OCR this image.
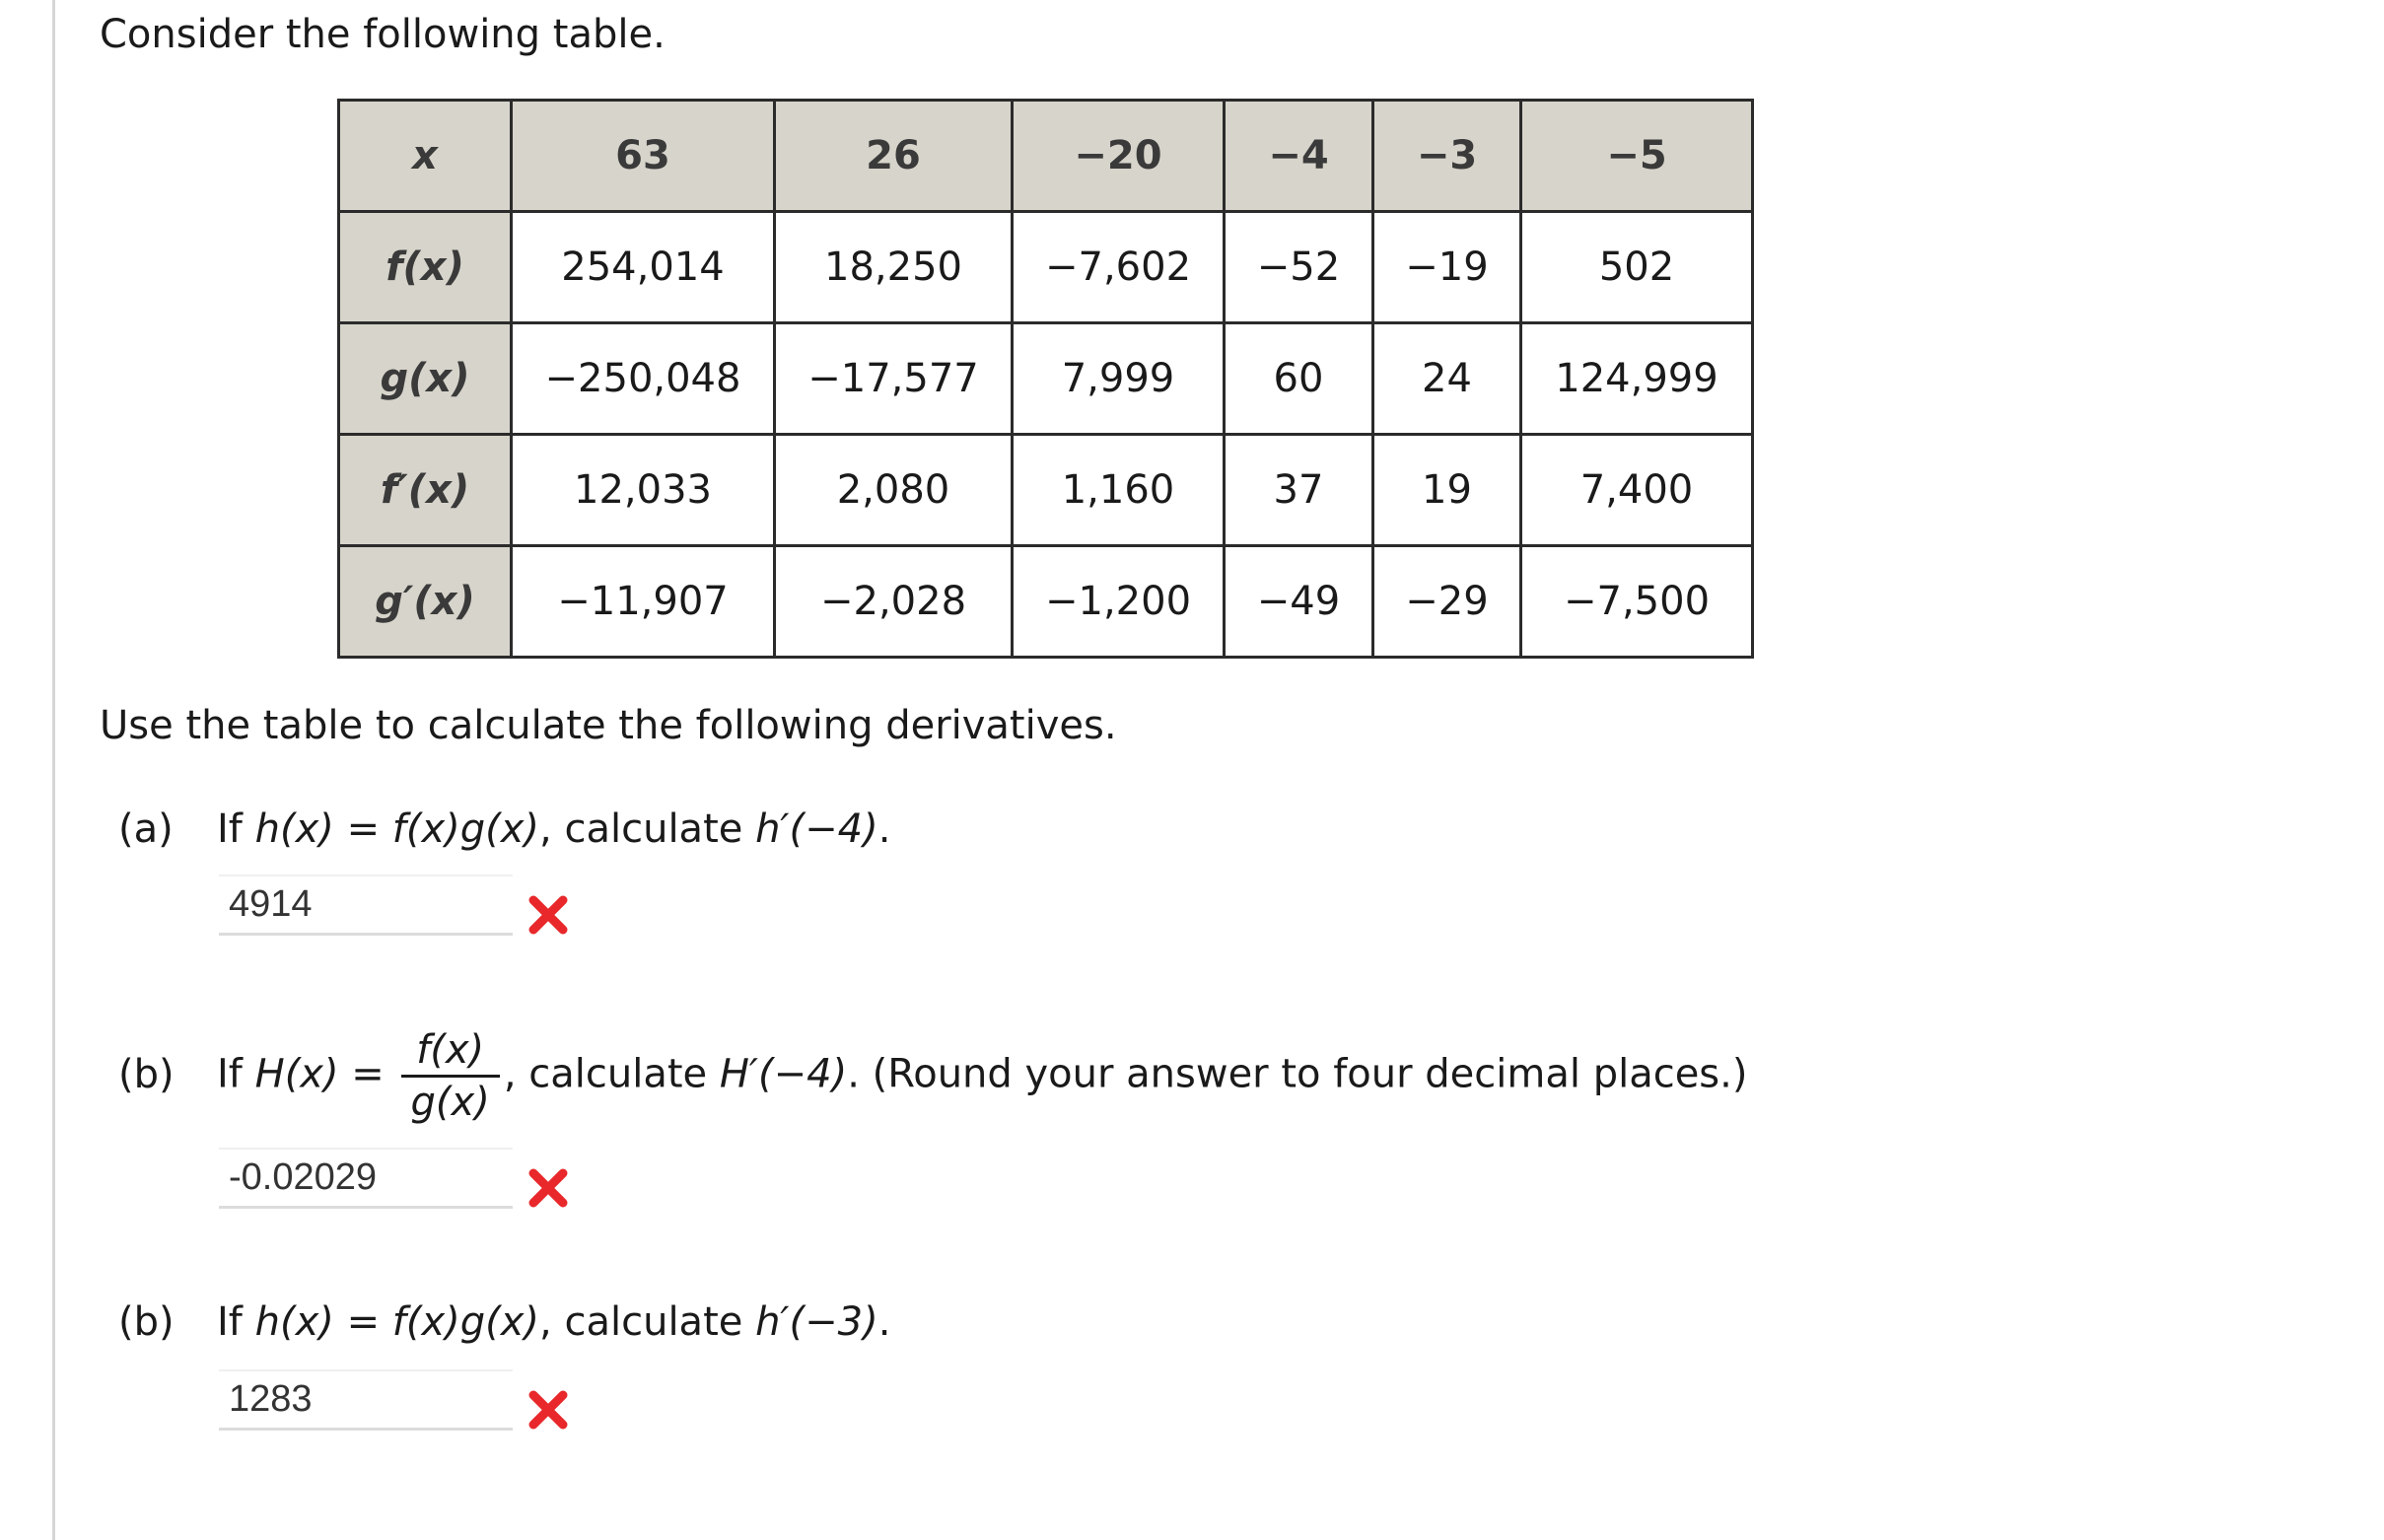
Consider the following table.
x	63	26	−20	−4	−3	−5
f(x)	254,014	18,250	−7,602	−52	−19	502
g(x)	−250,048	−17,577	7,999	60	24	124,999
f′(x)	12,033	2,080	1,160	37	19	7,400
g′(x)	−11,907	−2,028	−1,200	−49	−29	−7,500
Use the table to calculate the following derivatives.
(a) If h(x) = f(x)g(x), calculate h′(−4).
4914
(b) If $H(x) = \frac{f(x)}{g(x)}$ , calculate H′(−4). (Round your answer to four decimal places.)
-0.02029
(b) If h(x) = f(x)g(x), calculate h′(−3).
1283
